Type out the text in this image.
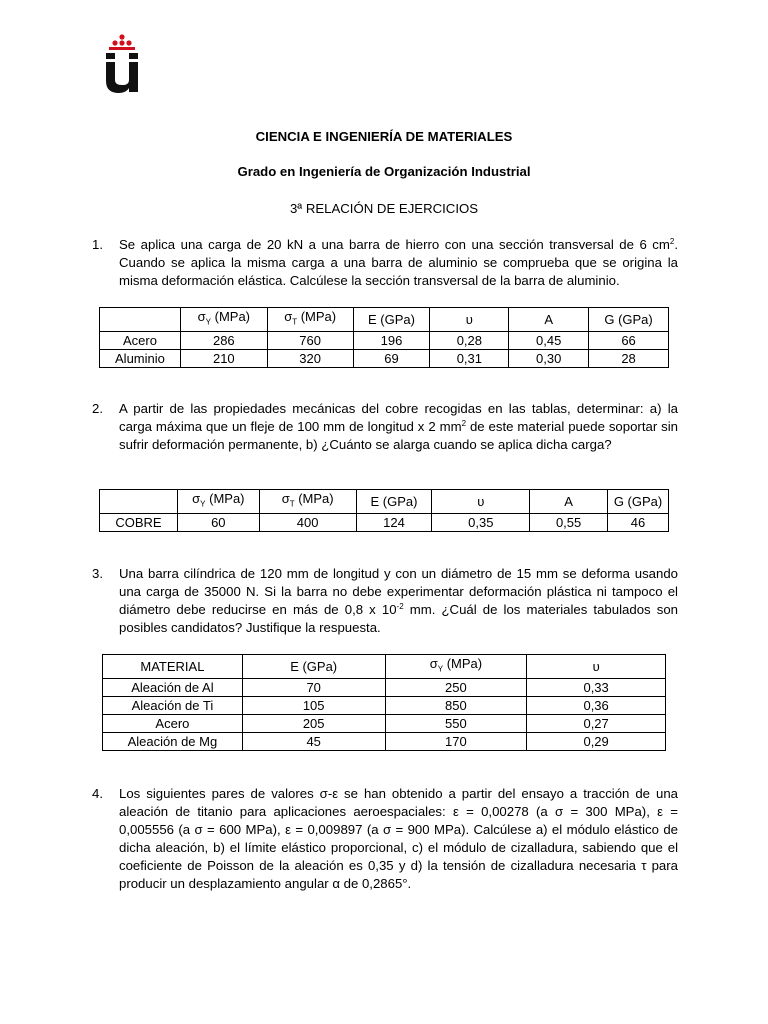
CIENCIA E INGENIERÍA DE MATERIALES
Grado en Ingeniería de Organización Industrial
3ª RELACIÓN DE EJERCICIOS
1. Se aplica una carga de 20 kN a una barra de hierro con una sección transversal de 6 $cm^2$. Cuando se aplica la misma carga a una barra de aluminio se comprueba que se origina la misma deformación elástica. Calcúlese la sección transversal de la barra de aluminio.
	$\sigma_Y$ (MPa)	$\sigma_T$ (MPa)	E (GPa)	υ	A	G (GPa)
Acero	286	760	196	0,28	0,45	66
Aluminio	210	320	69	0,31	0,30	28
2. A partir de las propiedades mecánicas del cobre recogidas en las tablas, determinar: a) la carga máxima que un fleje de 100 mm de longitud x 2 $mm^2$ de este material puede soportar sin sufrir deformación permanente, b) ¿Cuánto se alarga cuando se aplica dicha carga?
	$\sigma_Y$ (MPa)	$\sigma_T$ (MPa)	E (GPa)	υ	A	G (GPa)
COBRE	60	400	124	0,35	0,55	46
3. Una barra cilíndrica de 120 mm de longitud y con un diámetro de 15 mm se deforma usando una carga de 35000 N. Si la barra no debe experimentar deformación plástica ni tampoco el diámetro debe reducirse en más de 0,8 x $10^{-2}$ mm. ¿Cuál de los materiales tabulados son posibles candidatos? Justifique la respuesta.
MATERIAL	E (GPa)	$\sigma_Y$ (MPa)	υ
Aleación de Al	70	250	0,33
Aleación de Ti	105	850	0,36
Acero	205	550	0,27
Aleación de Mg	45	170	0,29
4. Los siguientes pares de valores σ-ε se han obtenido a partir del ensayo a tracción de una aleación de titanio para aplicaciones aeroespaciales: ε = 0,00278 (a σ = 300 MPa), ε = 0,005556 (a σ = 600 MPa), ε = 0,009897 (a σ = 900 MPa). Calcúlese a) el módulo elástico de dicha aleación, b) el límite elástico proporcional, c) el módulo de cizalladura, sabiendo que el coeficiente de Poisson de la aleación es 0,35 y d) la tensión de cizalladura necesaria τ para producir un desplazamiento angular α de 0,2865°.
